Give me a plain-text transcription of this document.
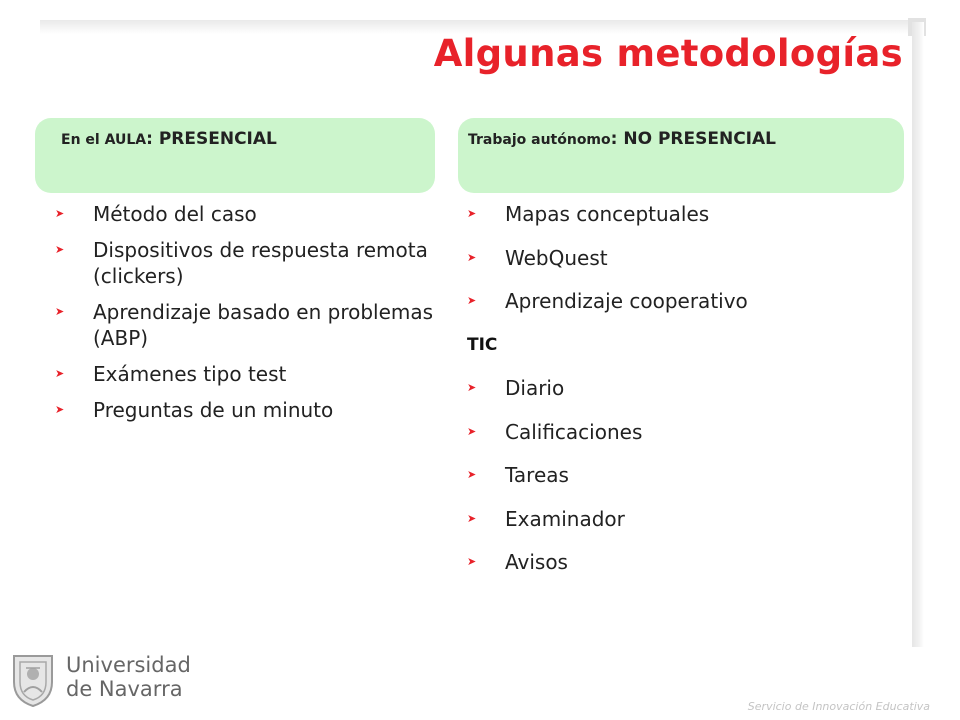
Algunas metodologías
En el AULA: PRESENCIAL	Trabajo autónomo: NO PRESENCIAL
➤ Método del caso
➤ Dispositivos de respuesta remota (clickers)
➤ Aprendizaje basado en problemas (ABP)
➤ Exámenes tipo test
➤ Preguntas de un minuto
➤ Mapas conceptuales
➤ WebQuest
➤ Aprendizaje cooperativo
TIC
➤ Diario
➤ Calificaciones
➤ Tareas
➤ Examinador
➤ Avisos
Universidad
de Navarra
Servicio de Innovación Educativa
